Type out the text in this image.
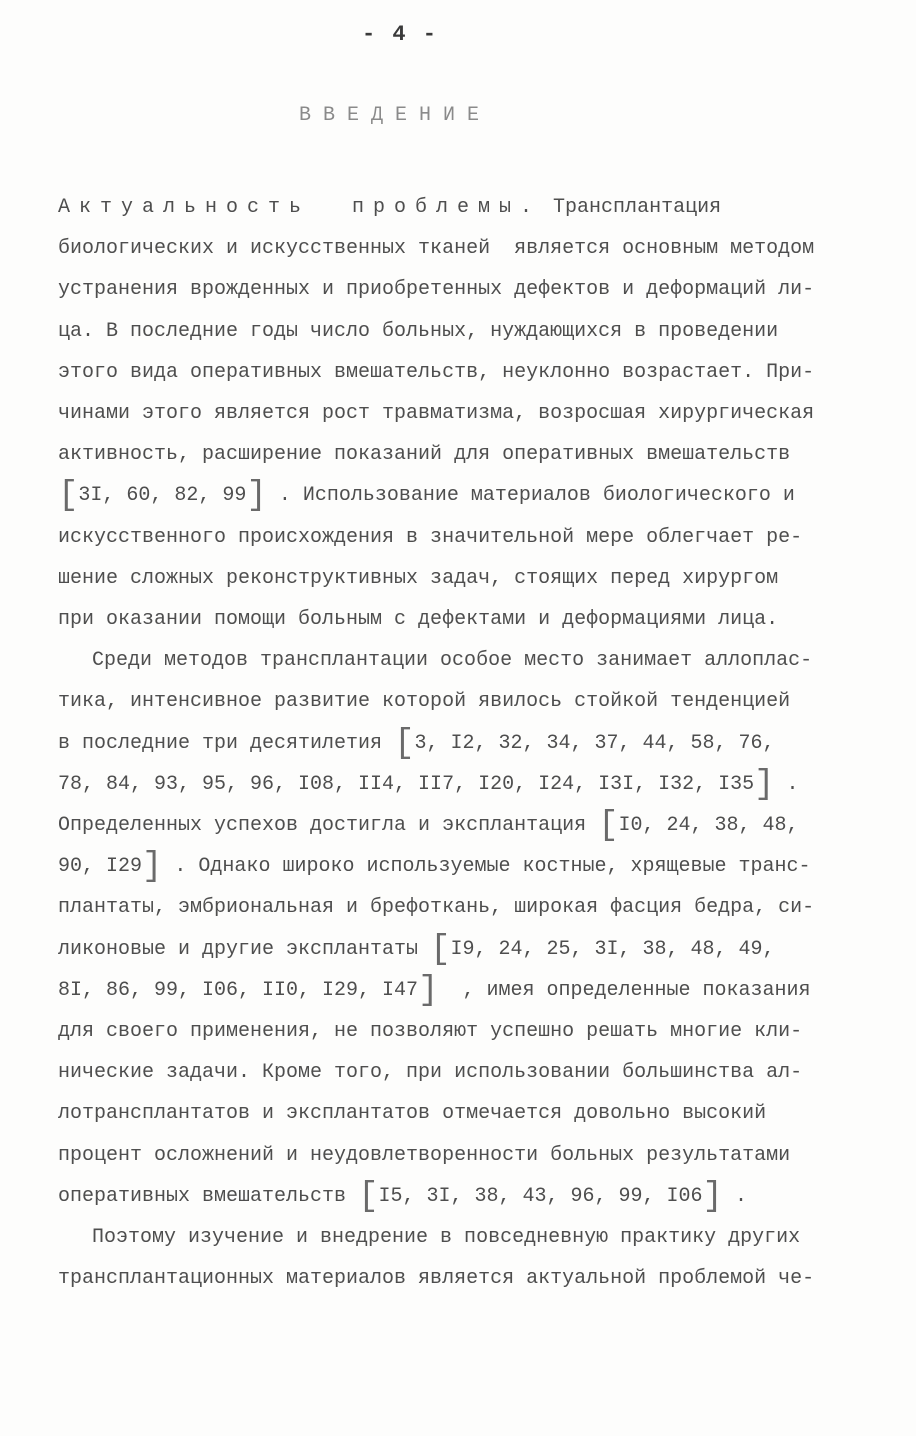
- 4 -
ВВЕДЕНИЕ
Актуальность  проблемы. Трансплантация
биологических и искусственных тканей  является основным методом
устранения врожденных и приобретенных дефектов и деформаций ли-
ца. В последние годы число больных, нуждающихся в проведении
этого вида оперативных вмешательств, неуклонно возрастает. При-
чинами этого является рост травматизма, возросшая хирургическая
активность, расширение показаний для оперативных вмешательств
[3I, 60, 82, 99] . Использование материалов биологического и
искусственного происхождения в значительной мере облегчает ре-
шение сложных реконструктивных задач, стоящих перед хирургом
при оказании помощи больным с дефектами и деформациями лица.
Среди методов трансплантации особое место занимает аллоплас-
тика, интенсивное развитие которой явилось стойкой тенденцией
в последние три десятилетия [3, I2, 32, 34, 37, 44, 58, 76,
78, 84, 93, 95, 96, I08, II4, II7, I20, I24, I3I, I32, I35] .
Определенных успехов достигла и эксплантация [I0, 24, 38, 48,
90, I29] . Однако широко используемые костные, хрящевые транс-
плантаты, эмбриональная и брефоткань, широкая фасция бедра, си-
ликоновые и другие эксплантаты [I9, 24, 25, 3I, 38, 48, 49,
8I, 86, 99, I06, II0, I29, I47]  , имея определенные показания
для своего применения, не позволяют успешно решать многие кли-
нические задачи. Кроме того, при использовании большинства ал-
лотрансплантатов и эксплантатов отмечается довольно высокий
процент осложнений и неудовлетворенности больных результатами
оперативных вмешательств [I5, 3I, 38, 43, 96, 99, I06] .
Поэтому изучение и внедрение в повседневную практику других
трансплантационных материалов является актуальной проблемой че-
